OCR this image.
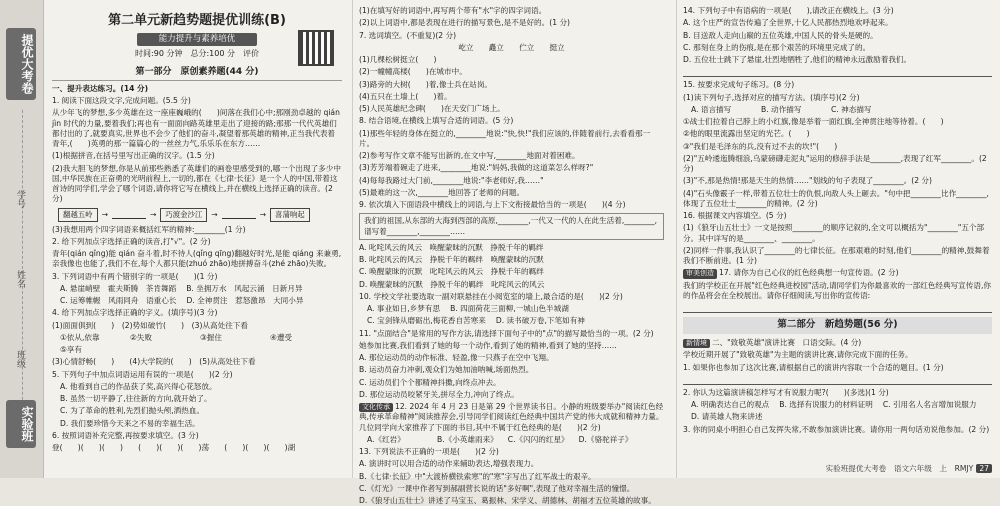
提优大考卷
学号
姓名
班级
实验班
第二单元新趋势题提优训练(B)
能力提升与素养培优
时间:90 分钟　总分:100 分　评价
第一部分　原创素养题(44 分)
一、提升表达练习。(14 分)
1. 阅读下面这段文字,完成问题。(5.5 分)
从少年飞的梦想,多少英雄在这一座座巍峨的(　　)间落在我们心中;那刚劲卓越的 qián jìn 时代的力量,要着我们;再也有一面面向路英雄里走出了迎接的路;那那一代代英雄们都付出的了,就要真实,世界也不会少了他们的奋斗,凝望着那英雄的精神,正当我代表着青年,(　　)英勇的那一篇篇心的一丝丝力气,乐乐乐在东方……
(1)根据拼音,在括号里写出正确的汉字。(1.5 分)
(2)我大胆飞的梦想,你是从前那些熟悉了英雄们的画卷里感受到的,哪一个出现了多少中国,中华民族在正奋勇的光明前程上,一切的,都在《七律·长征》是一个人的中国,带着这首诗的同学们,学会了哪个词语,请你将它写在横线上,并在横线上选择正确的读音。(2 分)
翻越五岭	→	→	巧渡金沙江	→	→	喜蒲响起
(3)我想用两个四字词语来概括红军的精神:________(1 分)
2. 给下列加点字选择正确的读音,打"√"。(2 分)
青年(qián qǐng)能 qián 奋斗着,时不待人(qǐng qīng)翻越好时光,是能 qiáng 来兼勇,亲我像也也能了,我们不在,每个人都只能(zhuó zhāo)地拼搏奋斗(zhé zhāo)失败。
3. 下列词语中有两个错别字的一项是(　　)(1 分)
A. 悬崖峭壁　霍夫斯腾　茶肯舞蹈 B. 坐拥万水　风起云涌　日新月异
C. 运筹帷幄　风雨同舟　语重心长 D. 全神贯注　惹怒激昂　大同小异
4. 给下列加点字选择正确的字义。(填序号)(3 分)
(1)面面俱到(　　)　(2)势如破竹(　　)　(3)从高处往下看
①依从,依靠	②失败	③握住	④遭受
⑤享有
(3)心情舒畅(　　)　　(4)大学院的(　　)　(5)从高处往下看
5. 下列句子中加点词语运用有误的一项是(　　)(2 分)
A. 他看到自己的作品获了奖,高兴得心花怒放。
B. 虽然一切平静了,往往新的方向,就开始了。
C. 为了革命的胜利,先烈们抛头颅,洒热血。
D. 我们要珍惜今天来之不易的幸福生活。
6. 按照词语补充完整,再按要求填空。(3 分)
登(　　)(　　)(　　)　　(　　)(　　)(　　)荡　　(　　)(　　)(　　)湖
(1)在填写好的词语中,再写两个带有"水"字的四字词语。
(2)以上词语中,都是表现在进行的描写景色,是不是好的。(1 分)
7. 选词填空。(不重复)(2 分)
屹立　　矗立　　伫立　　挺立
(1)几棵松树挺立(　　)
(2)一幢幢高楼(　　)在城市中。
(3)路旁的大树(　　)着,像士兵在站岗。
(4)五只在土墙上(　　)着。
(5)人民英雄纪念碑(　　)在天安门广场上。
8. 结合语境,在横线上填写合适的词语。(5 分)
(1)那些年轻的身体在挺立的,________地说:"快,快!"我们应该的,伴随着前行,去看看那一片。
(2)参考写作文章不能写出新的,在文中写,________地面对着困难。
(3)芳芳端着碗走了进来,________地说:"妈妈,我做的这道菜怎么样呀?"
(4)每每我路过大门前,________地说:"李老师好,我……"
(5)最难的这一次,________地回答了老师的问题。
9. 依次填入下面语段中横线上的词语,与上下文衔接最恰当的一项是(　　)(4 分)
我们的祖国,从东部的大海到西部的高原,________,一代又一代的人在此生活着,________,谱写着________,________……
A. 叱咤风云的风云　唤醒蒙昧的沉默　挣脱千年的羁绊
B. 叱咤风云的风云　挣脱千年的羁绊　唤醒蒙昧的沉默
C. 唤醒蒙昧的沉默　叱咤风云的风云　挣脱千年的羁绊
D. 唤醒蒙昧的沉默　挣脱千年的羁绊　叱咤风云的风云
10. 学校文学社要选取一副对联悬挂在小阅览室的墙上,最合适的是(　　)(2 分)
A. 事业如日,乡梦有思 B. 四面荷花三面柳,一城山色半城湖
C. 宝剑锋从磨砺出,梅花香自苦寒来 D. 读书破万卷,下笔如有神
11. "点面结合"是常用的写作方法,请选择下面句子中的"点"的描写最恰当的一项。(2 分)
她参加比赛,我们看到了她的每一个动作,看到了她的精神,看到了她的坚持……
A. 那位运动员的动作标准、轻盈,像一只燕子在空中飞翔。
B. 运动员奋力冲刺,观众们为她加油呐喊,场面热烈。
C. 运动员们个个都精神抖擞,向终点冲去。
D. 那位运动员咬紧牙关,拼尽全力,冲向了终点。
文化传承 12. 2024 年 4 月 23 日是第 29 个世界读书日。小静的班级要举办"阅读红色经典,传承革命精神"阅读推荐会,引导同学们阅读红色经典中国共产党的伟大成就和精神力量。几位同学向大家推荐了下面的书目,其中不属于红色经典的是(　　)(2 分)
A.《红岩》	B.《小英雄雨来》 C.《闪闪的红星》 D.《骆驼祥子》
13. 下列说法不正确的一项是(　　)(2 分)
A. 演讲时可以用合适的动作来辅助表达,增强表现力。
B.《七律·长征》中"大渡桥横铁索寒"的"寒"字写出了红军战士的艰辛。
C.《灯光》一课中作者写到郝副营长说的话"多好啊",表现了他对幸福生活的憧憬。
D.《狼牙山五壮士》讲述了马宝玉、葛振林、宋学义、胡德林、胡福才五位英雄的故事。
14. 下列句子中有语病的一项是(　　),请改正在横线上。(3 分)
A. 这个庄严的宣告传遍了全世界,十亿人民都热烈地欢呼起来。
B. 目送敌人走向山巅的五位英雄,中国人民的骨头是硬的。
C. 那刻在身上的伤痕,是在那个艰苦的环境里完成了的。
D. 五位壮士跳下了悬崖,壮烈地牺牲了,他们的精神永远激励着我们。
15. 按要求完成句子练习。(8 分)
(1)读下列句子,选择对应的描写方法。(填序号)(2 分)
A. 语言描写	B. 动作描写	C. 神态描写
①战士们拉着自己脖上的小红旗,像是举着一面红旗,全神贯注地等待着。(　　)
②他的眼里流露出坚定的光芒。(　　)
③"我们是毛泽东的兵,没有过不去的坎!"(　　)
(2)"五岭逶迤腾细浪,乌蒙磅礴走泥丸"运用的修辞手法是________,表现了红军________。(2 分)
(3)"不,那是热情!那是天生的热情……"划线的句子表现了________。(2 分)
(4)"石头像霰子一样,带着五位壮士的仇恨,向敌人头上砸去。"句中把________比作________,体现了五位壮士________的精神。(2 分)
16. 根据课文内容填空。(5 分)
(1)《狼牙山五壮士》一文是按照________的顺序记叙的,全文可以概括为"________"五个部分。其中详写的是________、________。
(2)同样一件事,我认识了________的七律长征。在那艰难的时刻,他们________的精神,鼓舞着我们不断前进。(1 分)
审美创造 17. 请你为自己心仪的红色经典想一句宣传语。(2 分)
我们的学校正在开展"红色经典进校园"活动,请同学们为你最喜欢的一部红色经典写宣传语,你的作品将会在全校展出。请你仔细阅读,写出你的宣传语:
第二部分　新趋势题(56 分)
新情境 二、"致敬英雄"演讲比赛　口语交际。(4 分)
学校近期开展了"致敬英雄"为主题的演讲比赛,请你完成下面的任务。
1. 如果你也参加了这次比赛,请根据自己的演讲内容取一个合适的题目。(1 分)
2. 你认为这篇演讲稿怎样写才有说服力呢?(　　)(多选)(1 分)
A. 明确表达自己的观点 B. 选择有说服力的材料证明 C. 引用名人名言增加说服力
D. 请英雄人物来讲述
3. 你的同桌小明担心自己发挥失常,不敢参加演讲比赛。请你用一两句话劝说他参加。(2 分)
实验班提优大考卷　语文六年级　上　RMJY 27
